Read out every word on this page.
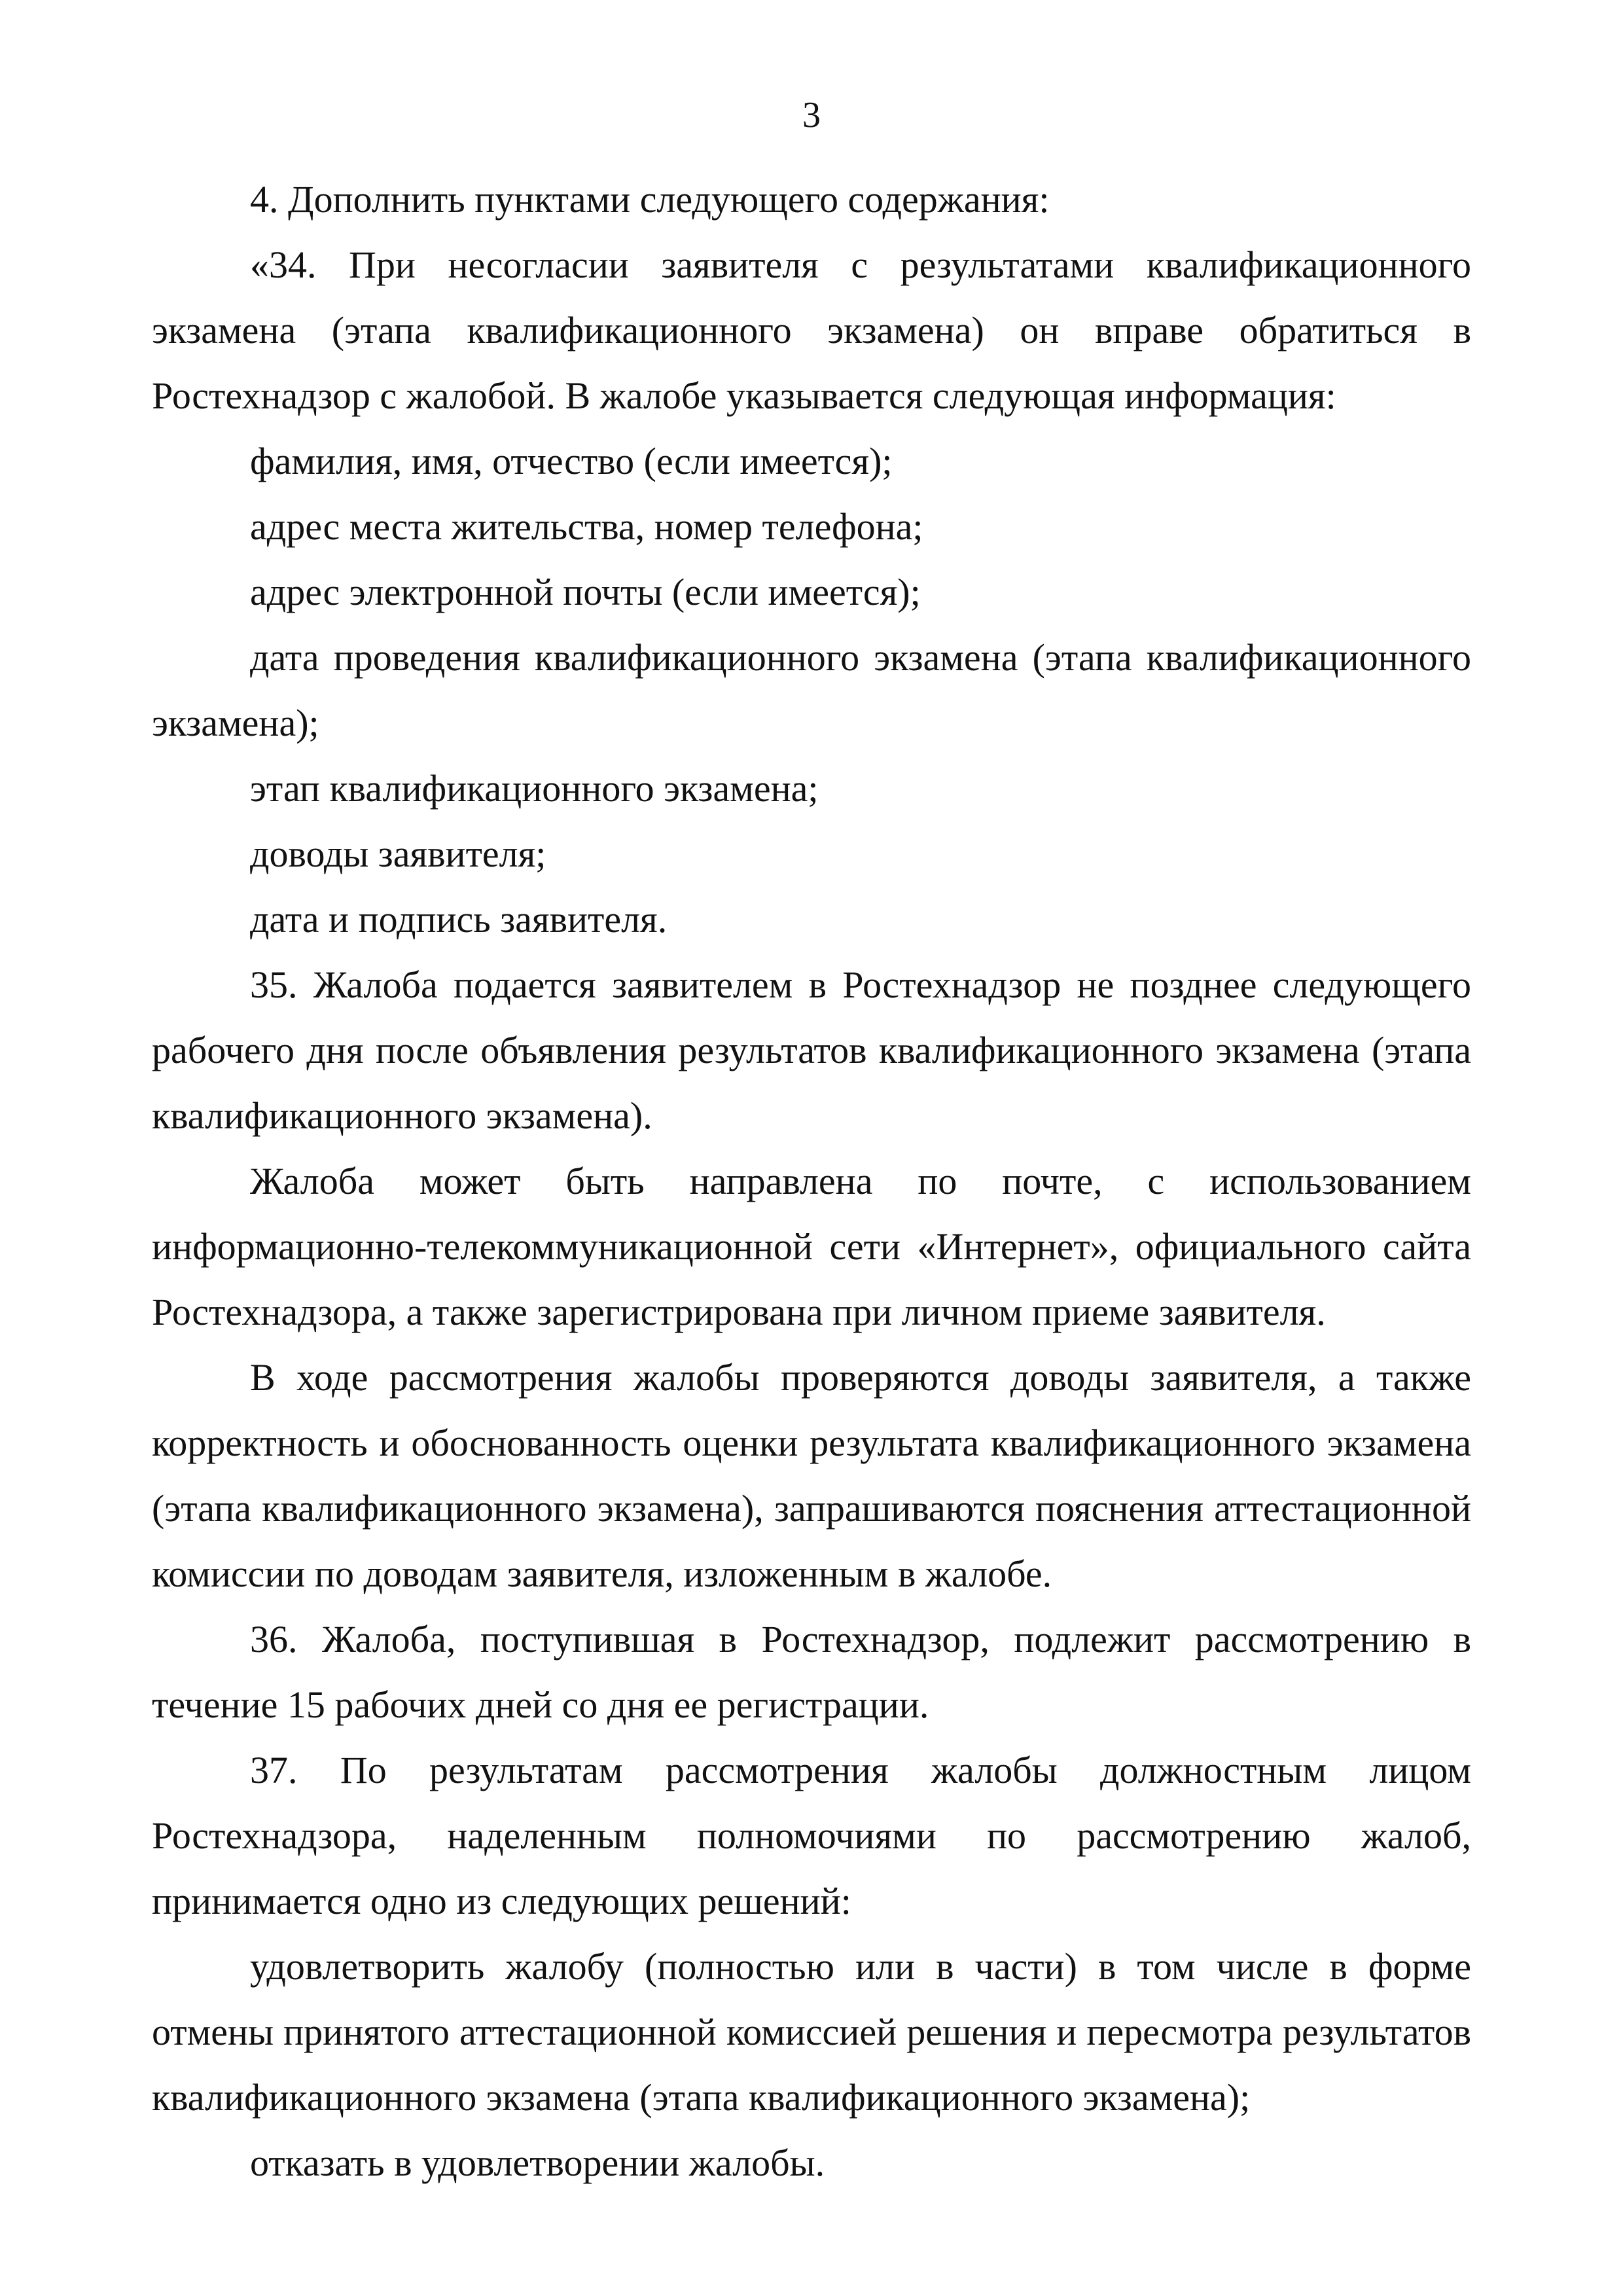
3

4. Дополнить пунктами следующего содержания:

«34. При несогласии заявителя с результатами квалификационного экзамена (этапа квалификационного экзамена) он вправе обратиться в Ростехнадзор с жалобой. В жалобе указывается следующая информация:

фамилия, имя, отчество (если имеется);

адрес места жительства, номер телефона;

адрес электронной почты (если имеется);

дата проведения квалификационного экзамена (этапа квалификационного экзамена);

этап квалификационного экзамена;

доводы заявителя;

дата и подпись заявителя.

35. Жалоба подается заявителем в Ростехнадзор не позднее следующего рабочего дня после объявления результатов квалификационного экзамена (этапа квалификационного экзамена).

Жалоба может быть направлена по почте, с использованием информационно-телекоммуникационной сети «Интернет», официального сайта Ростехнадзора, а также зарегистрирована при личном приеме заявителя.

В ходе рассмотрения жалобы проверяются доводы заявителя, а также корректность и обоснованность оценки результата квалификационного экзамена (этапа квалификационного экзамена), запрашиваются пояснения аттестационной комиссии по доводам заявителя, изложенным в жалобе.

36. Жалоба, поступившая в Ростехнадзор, подлежит рассмотрению в течение 15 рабочих дней со дня ее регистрации.

37. По результатам рассмотрения жалобы должностным лицом Ростехнадзора, наделенным полномочиями по рассмотрению жалоб, принимается одно из следующих решений:

удовлетворить жалобу (полностью или в части) в том числе в форме отмены принятого аттестационной комиссией решения и пересмотра результатов квалификационного экзамена (этапа квалификационного экзамена);

отказать в удовлетворении жалобы.
